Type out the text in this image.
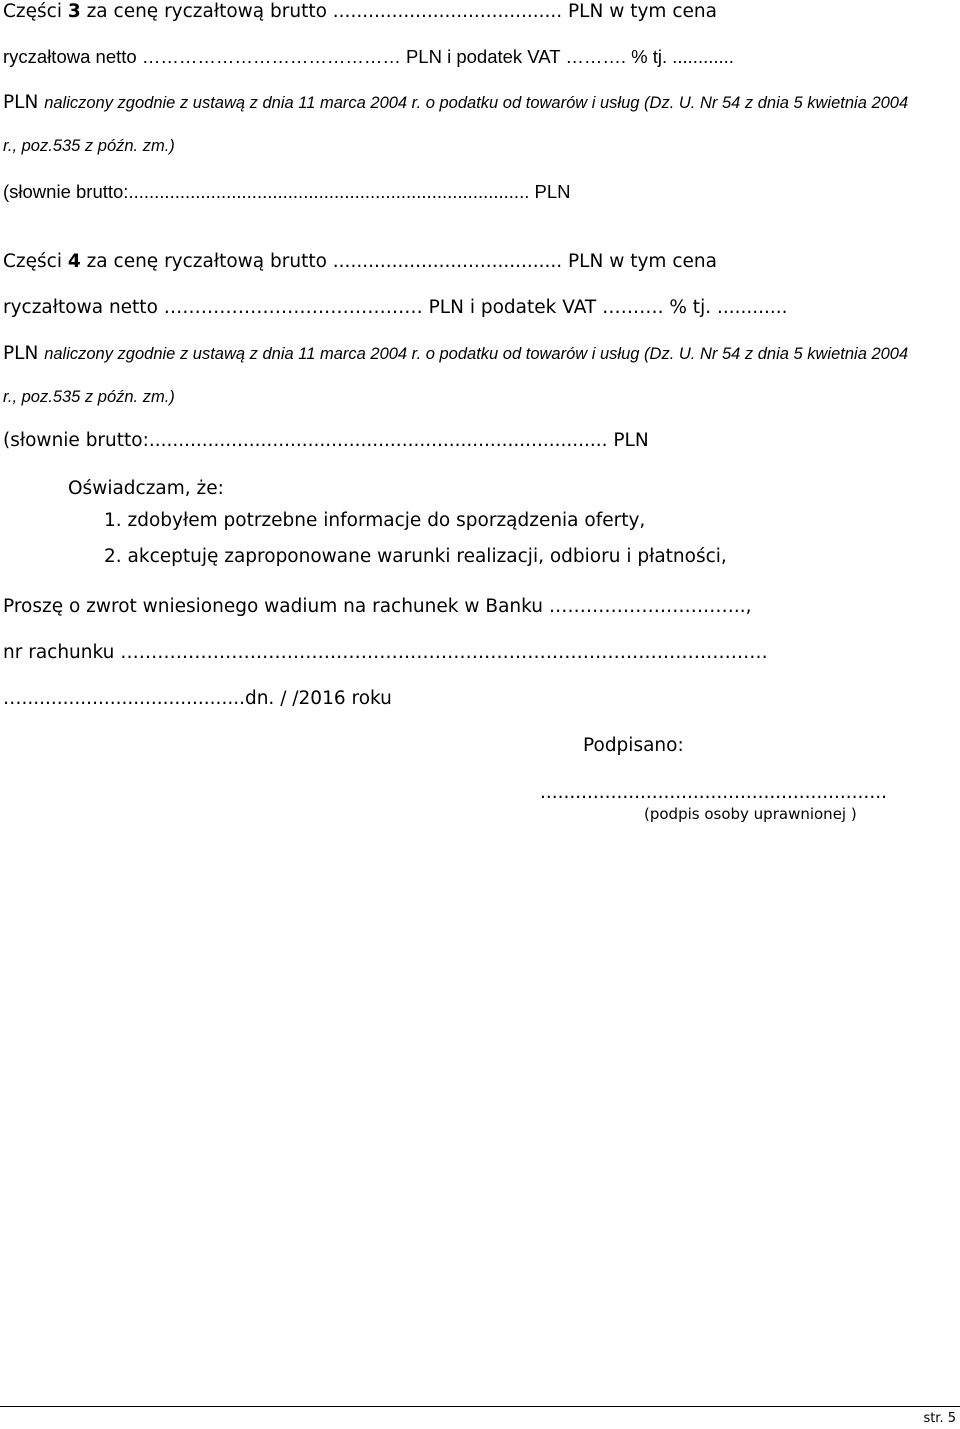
Części 3 za cenę ryczałtową brutto ....................................... PLN w tym cena
ryczałtowa netto …………………………………… PLN i podatek VAT ………. % tj. ............
PLN naliczony zgodnie z ustawą z dnia 11 marca 2004 r. o podatku od towarów i usług (Dz. U. Nr 54 z dnia 5 kwietnia 2004
r., poz.535 z późn. zm.)
(słownie brutto:.............................................................................. PLN
Części 4 za cenę ryczałtową brutto ....................................... PLN w tym cena
ryczałtowa netto …………………………………… PLN i podatek VAT ………. % tj. ............
PLN naliczony zgodnie z ustawą z dnia 11 marca 2004 r. o podatku od towarów i usług (Dz. U. Nr 54 z dnia 5 kwietnia 2004
r., poz.535 z późn. zm.)
(słownie brutto:.............................................................................. PLN
Oświadczam, że:
1. zdobyłem potrzebne informacje do sporządzenia oferty,
2. akceptuję zaproponowane warunki realizacji, odbioru i płatności,
Proszę o zwrot wniesionego wadium na rachunek w Banku …………………………..,
nr rachunku ……………………………………………………………………………………………
…......................................dn. / /2016 roku
Podpisano:
...........................................................
(podpis osoby uprawnionej )
str. 5
